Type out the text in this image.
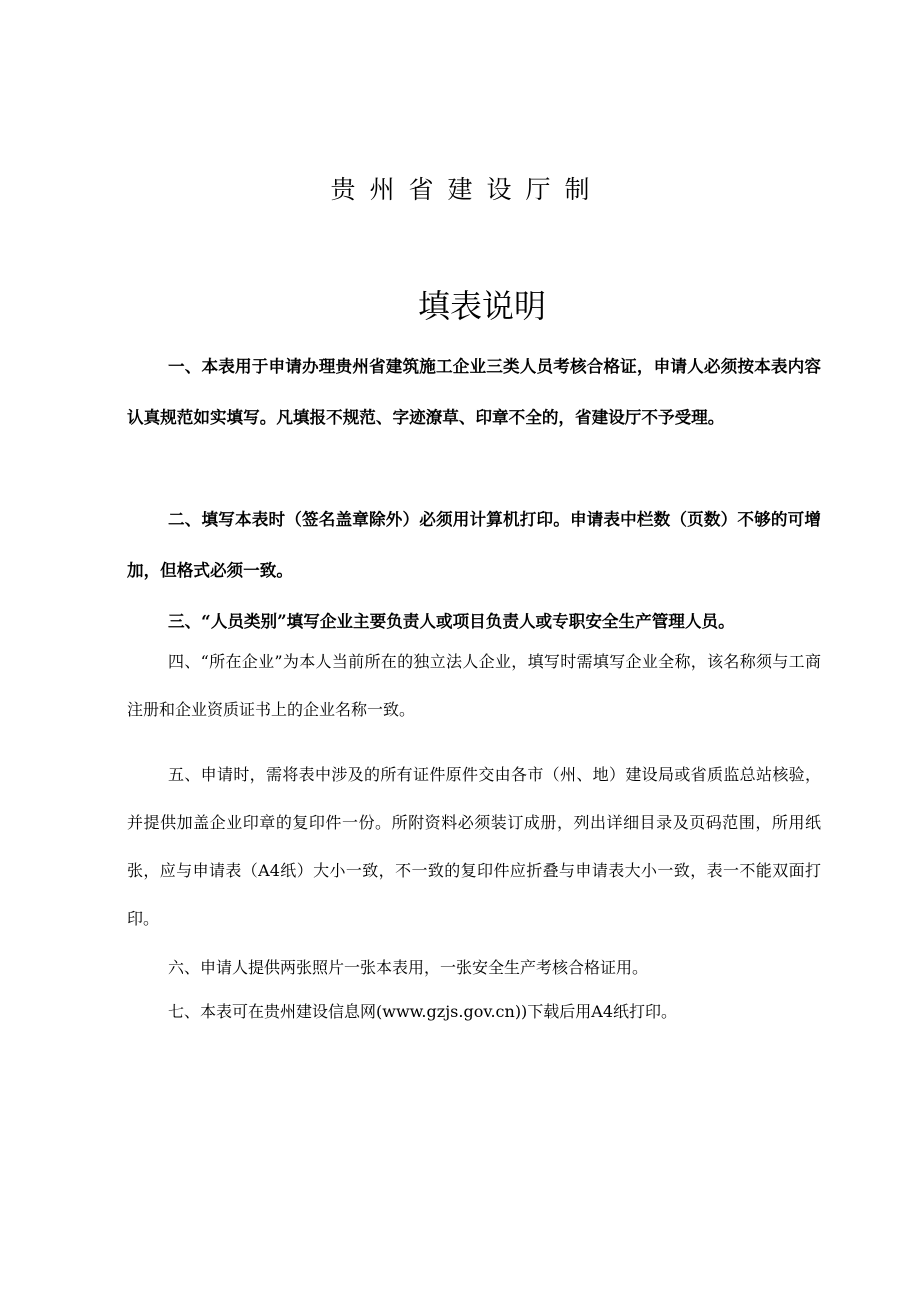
贵州省建设厅制
填表说明

一、本表用于申请办理贵州省建筑施工企业三类人员考核合格证，申请人必须按本表内容认真规范如实填写。凡填报不规范、字迹潦草、印章不全的，省建设厅不予受理。

二、填写本表时（签名盖章除外）必须用计算机打印。申请表中栏数（页数）不够的可增加，但格式必须一致。

三、“人员类别”填写企业主要负责人或项目负责人或专职安全生产管理人员。

四、“所在企业”为本人当前所在的独立法人企业，填写时需填写企业全称，该名称须与工商注册和企业资质证书上的企业名称一致。

五、申请时，需将表中涉及的所有证件原件交由各市（州、地）建设局或省质监总站核验，并提供加盖企业印章的复印件一份。所附资料必须装订成册，列出详细目录及页码范围，所用纸张，应与申请表（A4纸）大小一致，不一致的复印件应折叠与申请表大小一致，表一不能双面打印。

六、申请人提供两张照片一张本表用，一张安全生产考核合格证用。

七、本表可在贵州建设信息网(www.gzjs.gov.cn))下载后用A4纸打印。
